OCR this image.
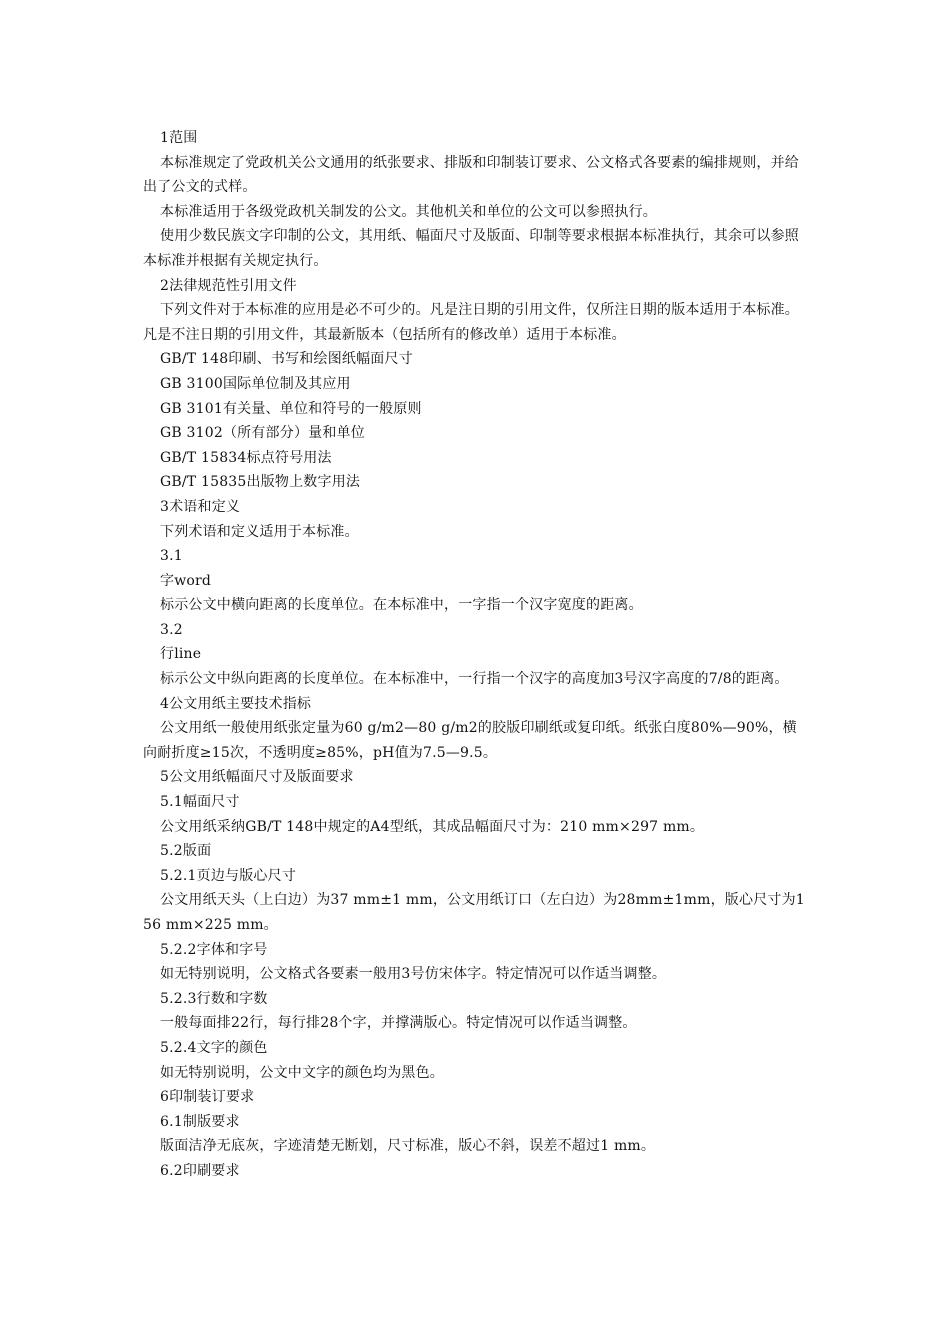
1范围

本标准规定了党政机关公文通用的纸张要求、排版和印制装订要求、公文格式各要素的编排规则，并给出了公文的式样。

本标准适用于各级党政机关制发的公文。其他机关和单位的公文可以参照执行。

使用少数民族文字印制的公文，其用纸、幅面尺寸及版面、印制等要求根据本标准执行，其余可以参照本标准并根据有关规定执行。

2法律规范性引用文件

下列文件对于本标准的应用是必不可少的。凡是注日期的引用文件，仅所注日期的版本适用于本标准。凡是不注日期的引用文件，其最新版本（包括所有的修改单）适用于本标准。

GB/T 148印刷、书写和绘图纸幅面尺寸

GB 3100国际单位制及其应用

GB 3101有关量、单位和符号的一般原则

GB 3102（所有部分）量和单位

GB/T 15834标点符号用法

GB/T 15835出版物上数字用法

3术语和定义

下列术语和定义适用于本标准。

3.1

字word

标示公文中横向距离的长度单位。在本标准中，一字指一个汉字宽度的距离。

3.2

行line

标示公文中纵向距离的长度单位。在本标准中，一行指一个汉字的高度加3号汉字高度的7/8的距离。

4公文用纸主要技术指标

公文用纸一般使用纸张定量为60 g/m2—80 g/m2的胶版印刷纸或复印纸。纸张白度80%—90%，横向耐折度≥15次，不透明度≥85%，pH值为7.5—9.5。

5公文用纸幅面尺寸及版面要求

5.1幅面尺寸

公文用纸采纳GB/T 148中规定的A4型纸，其成品幅面尺寸为：210 mm×297 mm。

5.2版面

5.2.1页边与版心尺寸

公文用纸天头（上白边）为37 mm±1 mm，公文用纸订口（左白边）为28mm±1mm，版心尺寸为156 mm×225 mm。

5.2.2字体和字号

如无特别说明，公文格式各要素一般用3号仿宋体字。特定情况可以作适当调整。

5.2.3行数和字数

一般每面排22行，每行排28个字，并撑满版心。特定情况可以作适当调整。

5.2.4文字的颜色

如无特别说明，公文中文字的颜色均为黑色。

6印制装订要求

6.1制版要求

版面洁净无底灰，字迹清楚无断划，尺寸标准，版心不斜，误差不超过1 mm。

6.2印刷要求
